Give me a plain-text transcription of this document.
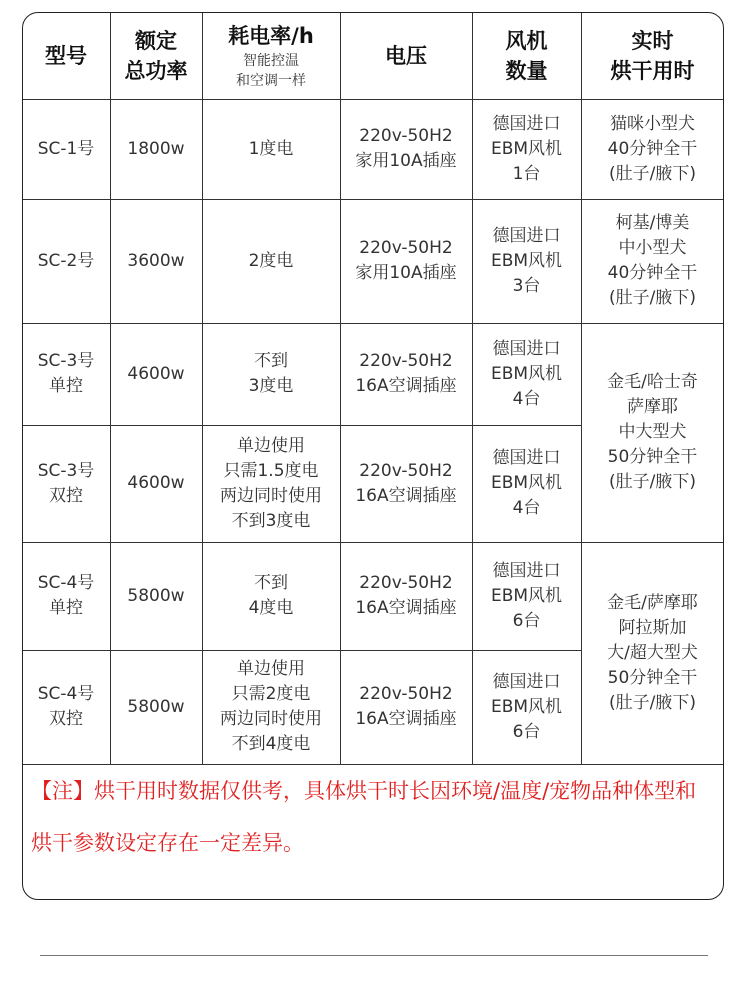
型号	额定
总功率	耗电率/h
智能控温
和空调一样	电压	风机
数量	实时
烘干用时

SC-1号	1800w	1度电	220v-50H2
家用10A插座	德国进口
EBM风机
1台	猫咪小型犬
40分钟全干
(肚子/腋下)

SC-2号	3600w	2度电	220v-50H2
家用10A插座	德国进口
EBM风机
3台	柯基/博美
中小型犬
40分钟全干
(肚子/腋下)

SC-3号
单控	4600w	不到
3度电	220v-50H2
16A空调插座	德国进口
EBM风机
4台	金毛/哈士奇
萨摩耶
中大型犬
50分钟全干
(肚子/腋下)

SC-3号
双控	4600w	单边使用
只需1.5度电
两边同时使用
不到3度电	220v-50H2
16A空调插座	德国进口
EBM风机
4台	

SC-4号
单控	5800w	不到
4度电	220v-50H2
16A空调插座	德国进口
EBM风机
6台	金毛/萨摩耶
阿拉斯加
大/超大型犬
50分钟全干
(肚子/腋下)

SC-4号
双控	5800w	单边使用
只需2度电
两边同时使用
不到4度电	220v-50H2
16A空调插座	德国进口
EBM风机
6台	
【注】烘干用时数据仅供考，具体烘干时长因环境/温度/宠物品种体型和烘干参数设定存在一定差异。
